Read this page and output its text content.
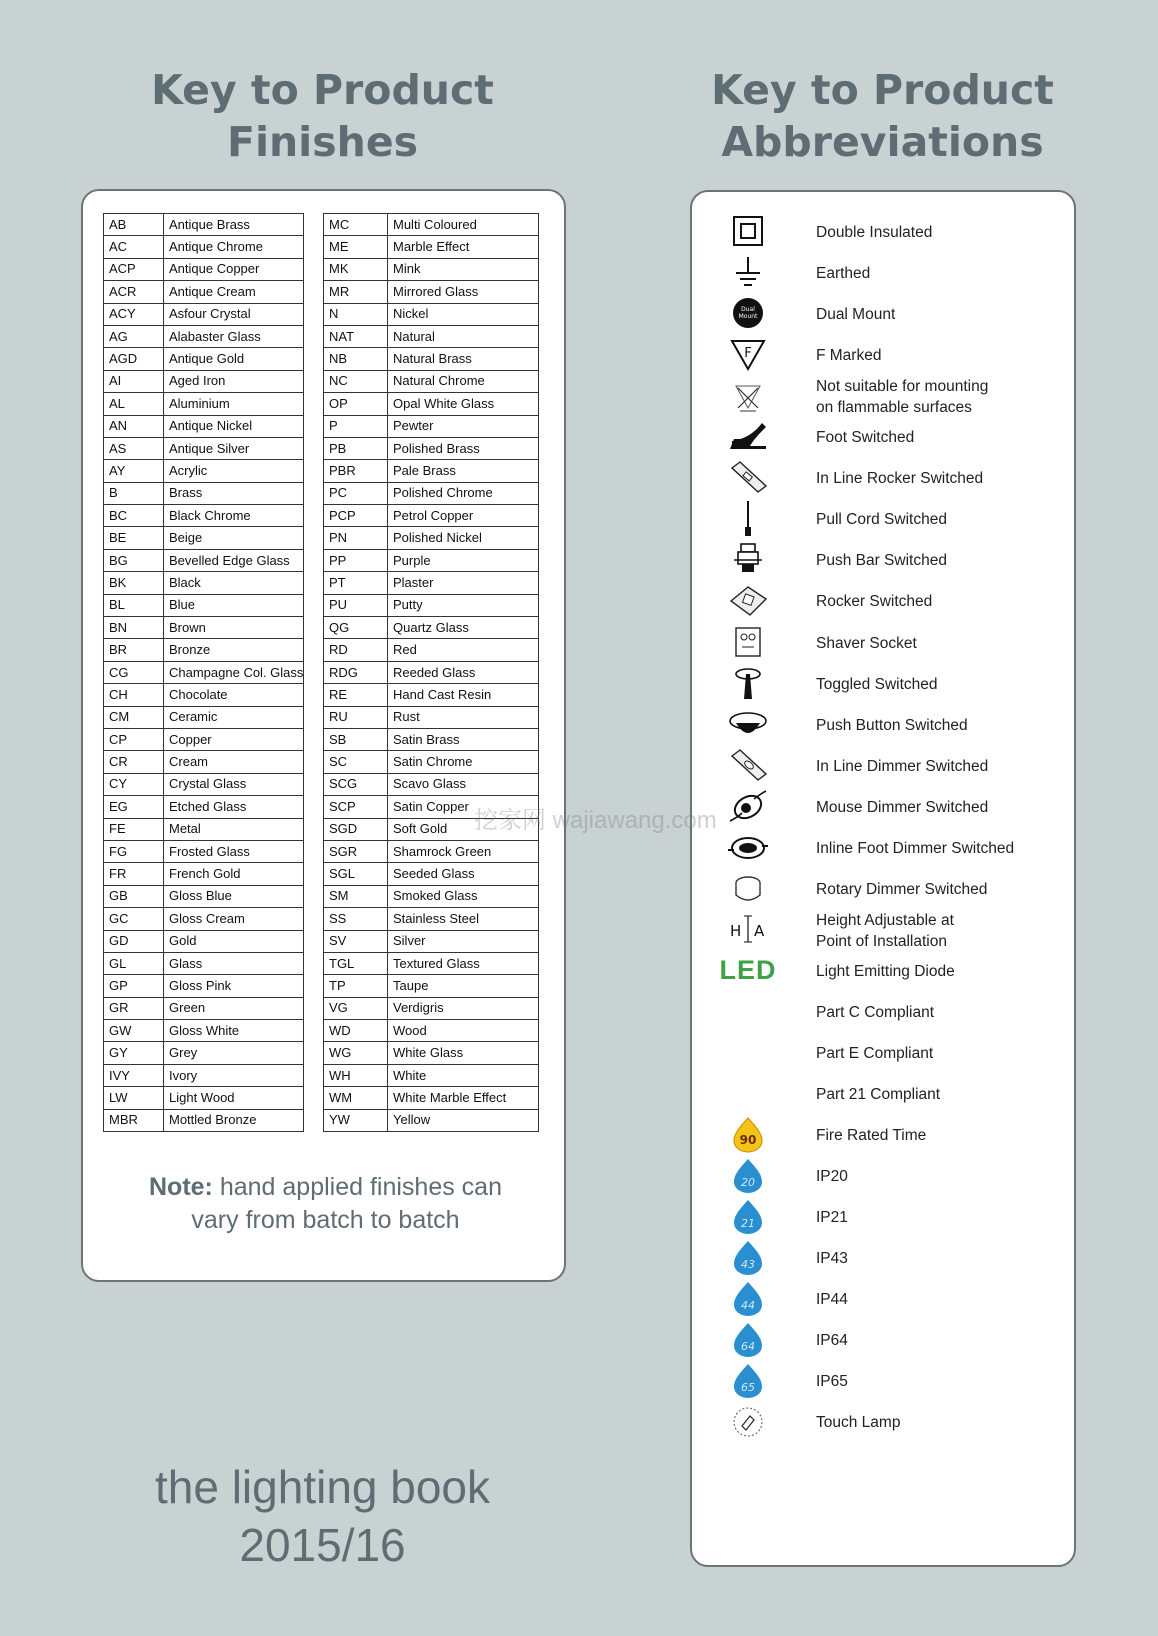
Key to Product Finishes
Key to Product Abbreviations
AB	Antique Brass
AC	Antique Chrome
ACP	Antique Copper
ACR	Antique Cream
ACY	Asfour Crystal
AG	Alabaster Glass
AGD	Antique Gold
AI	Aged Iron
AL	Aluminium
AN	Antique Nickel
AS	Antique Silver
AY	Acrylic
B	Brass
BC	Black Chrome
BE	Beige
BG	Bevelled Edge Glass
BK	Black
BL	Blue
BN	Brown
BR	Bronze
CG	Champagne Col. Glass
CH	Chocolate
CM	Ceramic
CP	Copper
CR	Cream
CY	Crystal Glass
EG	Etched Glass
FE	Metal
FG	Frosted Glass
FR	French Gold
GB	Gloss Blue
GC	Gloss Cream
GD	Gold
GL	Glass
GP	Gloss Pink
GR	Green
GW	Gloss White
GY	Grey
IVY	Ivory
LW	Light Wood
MBR	Mottled Bronze
MC	Multi Coloured
ME	Marble Effect
MK	Mink
MR	Mirrored Glass
N	Nickel
NAT	Natural
NB	Natural Brass
NC	Natural Chrome
OP	Opal White Glass
P	Pewter
PB	Polished Brass
PBR	Pale Brass
PC	Polished Chrome
PCP	Petrol Copper
PN	Polished Nickel
PP	Purple
PT	Plaster
PU	Putty
QG	Quartz Glass
RD	Red
RDG	Reeded Glass
RE	Hand Cast Resin
RU	Rust
SB	Satin Brass
SC	Satin Chrome
SCG	Scavo Glass
SCP	Satin Copper
SGD	Soft Gold
SGR	Shamrock Green
SGL	Seeded Glass
SM	Smoked Glass
SS	Stainless Steel
SV	Silver
TGL	Textured Glass
TP	Taupe
VG	Verdigris
WD	Wood
WG	White Glass
WH	White
WM	White Marble Effect
YW	Yellow
Note: hand applied finishes can
vary from batch to batch
Double Insulated
Earthed
Dual
Mount	Dual Mount
F	F Marked
Not suitable for mounting
on flammable surfaces
Foot Switched
In Line Rocker Switched
Pull Cord Switched
Push Bar Switched
Rocker Switched
Shaver Socket
Toggled Switched
Push Button Switched
In Line Dimmer Switched
Mouse Dimmer Switched
Inline Foot Dimmer Switched
Rotary Dimmer Switched
H A
Height Adjustable at
Point of Installation
LED	Light Emitting Diode
Part C Compliant
Part E Compliant
Part 21 Compliant
90	Fire Rated Time
20	IP20
21	IP21
43	IP43
44	IP44
64	IP64
65	IP65
Touch Lamp
the lighting book
2015/16
挖家网 wajiawang.com
